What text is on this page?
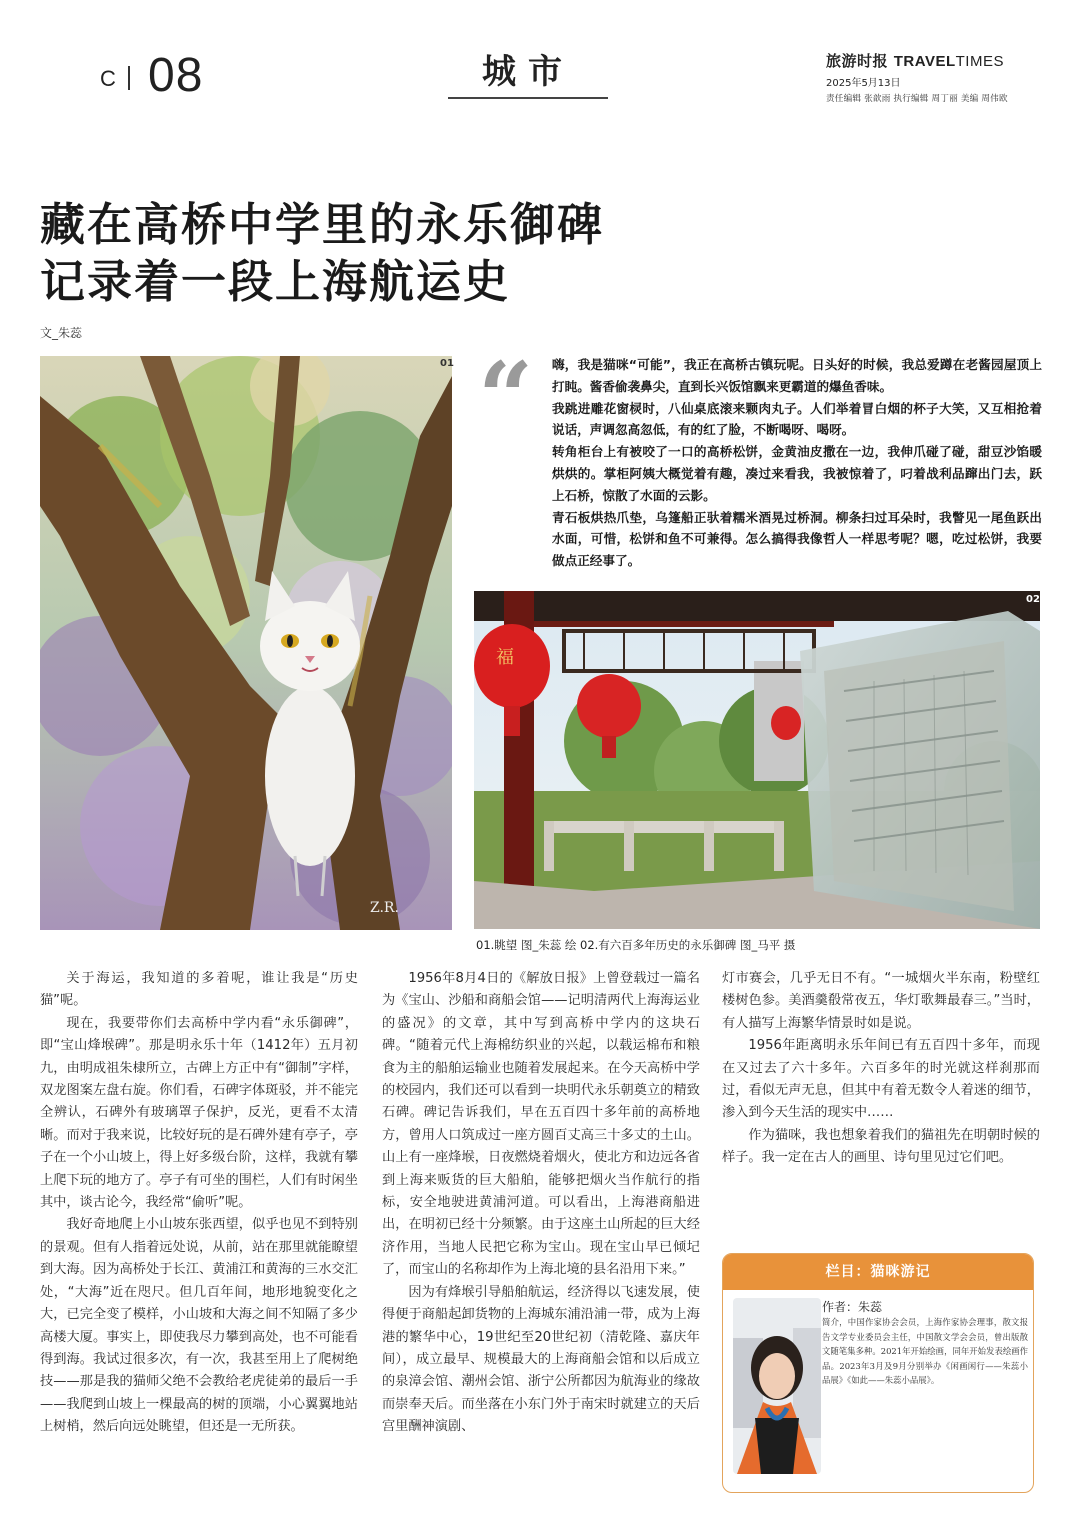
C 08	城市	旅游时报 TRAVELTIMES
2025年5月13日
责任编辑 张歆雨 执行编辑 周丁丽 美编 周伟欧
藏在高桥中学里的永乐御碑
记录着一段上海航运史
文_朱蕊
Z.R.
01
福
02
01.眺望 图_朱蕊 绘 02.有六百多年历史的永乐御碑 图_马平 摄
“ 嗨，我是猫咪“可能”，我正在高桥古镇玩呢。日头好的时候，我总爱蹲在老酱园屋顶上打盹。酱香偷袭鼻尖，直到长兴饭馆飘来更霸道的爆鱼香味。

我跳进雕花窗棂时，八仙桌底滚来颗肉丸子。人们举着冒白烟的杯子大笑，又互相抢着说话，声调忽高忽低，有的红了脸，不断喝呀、喝呀。

转角柜台上有被咬了一口的高桥松饼，金黄油皮撒在一边，我伸爪碰了碰，甜豆沙馅暖烘烘的。掌柜阿姨大概觉着有趣，凑过来看我，我被惊着了，叼着战利品蹿出门去，跃上石桥，惊散了水面的云影。

青石板烘热爪垫，乌篷船正驮着糯米酒晃过桥洞。柳条扫过耳朵时，我瞥见一尾鱼跃出水面，可惜，松饼和鱼不可兼得。怎么搞得我像哲人一样思考呢？嗯，吃过松饼，我要做点正经事了。

关于海运，我知道的多着呢，谁让我是“历史猫”呢。

现在，我要带你们去高桥中学内看“永乐御碑”，即“宝山烽堠碑”。那是明永乐十年（1412年）五月初九，由明成祖朱棣所立，古碑上方正中有“御制”字样，双龙图案左盘右旋。你们看，石碑字体斑驳，并不能完全辨认，石碑外有玻璃罩子保护，反光，更看不太清晰。而对于我来说，比较好玩的是石碑外建有亭子，亭子在一个小山坡上，得上好多级台阶，这样，我就有攀上爬下玩的地方了。亭子有可坐的围栏，人们有时闲坐其中，谈古论今，我经常“偷听”呢。

我好奇地爬上小山坡东张西望，似乎也见不到特别的景观。但有人指着远处说，从前，站在那里就能瞭望到大海。因为高桥处于长江、黄浦江和黄海的三水交汇处，“大海”近在咫尺。但几百年间，地形地貌变化之大，已完全变了模样，小山坡和大海之间不知隔了多少高楼大厦。事实上，即使我尽力攀到高处，也不可能看得到海。我试过很多次，有一次，我甚至用上了爬树绝技——那是我的猫师父绝不会教给老虎徒弟的最后一手——我爬到山坡上一棵最高的树的顶端，小心翼翼地站上树梢，然后向远处眺望，但还是一无所获。

1956年8月4日的《解放日报》上曾登载过一篇名为《宝山、沙船和商船会馆——记明清两代上海海运业的盛况》的文章，其中写到高桥中学内的这块石碑。“随着元代上海棉纺织业的兴起，以载运棉布和粮食为主的船舶运输业也随着发展起来。在今天高桥中学的校园内，我们还可以看到一块明代永乐朝奠立的精致石碑。碑记告诉我们，早在五百四十多年前的高桥地方，曾用人口筑成过一座方圆百丈高三十多丈的土山。山上有一座烽堠，日夜燃烧着烟火，使北方和边远各省到上海来贩货的巨大船舶，能够把烟火当作航行的指标，安全地驶进黄浦河道。可以看出，上海港商船进出，在明初已经十分频繁。由于这座土山所起的巨大经济作用，当地人民把它称为宝山。现在宝山早已倾圮了，而宝山的名称却作为上海北境的县名沿用下来。”

因为有烽堠引导船舶航运，经济得以飞速发展，使得便于商船起卸货物的上海城东浦沿浦一带，成为上海港的繁华中心，19世纪至20世纪初（清乾隆、嘉庆年间），成立最早、规模最大的上海商船会馆和以后成立的泉漳会馆、潮州会馆、浙宁公所都因为航海业的缘故而崇奉天后。而坐落在小东门外于南宋时就建立的天后宫里酬神演剧、

灯市赛会，几乎无日不有。“一城烟火半东南，粉壁红楼树色参。美酒羹殽常夜五，华灯歌舞最春三。”当时，有人描写上海繁华情景时如是说。

1956年距离明永乐年间已有五百四十多年，而现在又过去了六十多年。六百多年的时光就这样刹那而过，看似无声无息，但其中有着无数令人着迷的细节，渗入到今天生活的现实中……

作为猫咪，我也想象着我们的猫祖先在明朝时候的样子。我一定在古人的画里、诗句里见过它们吧。

栏目：猫咪游记
作者：朱蕊
简介，中国作家协会会员，上海作家协会理事，散文报告文学专业委员会主任，中国散文学会会员，曾出版散文随笔集多种。2021年开始绘画，同年开始发表绘画作品。2023年3月及9月分别举办《闲画闲行——朱蕊小品展》《如此——朱蕊小品展》。
